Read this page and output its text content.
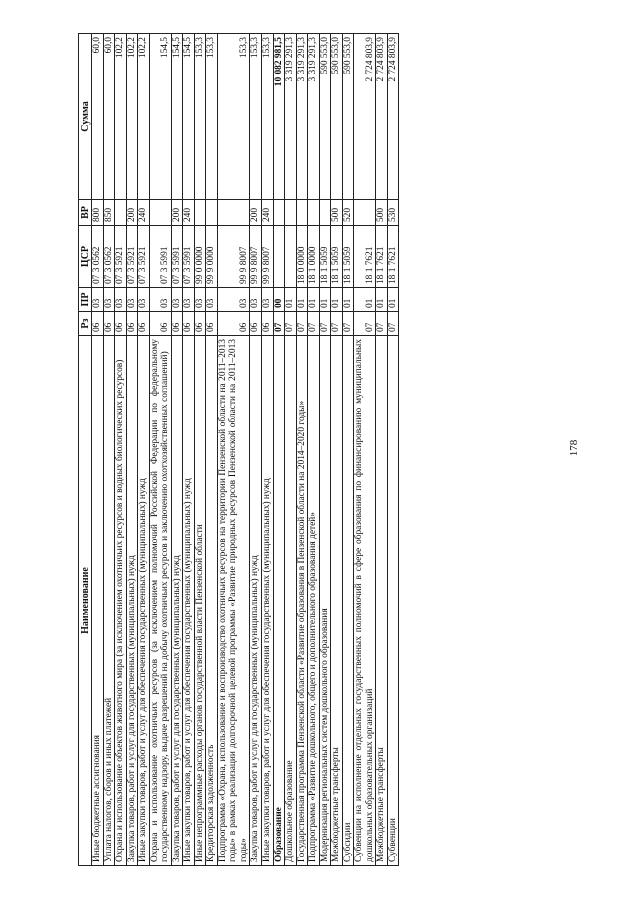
178
Наименование	Рз	ПР	ЦСР	ВР	Сумма
Иные бюджетные ассигнования	06	03	07 3 0562	800	60,0
Уплата налогов, сборов и иных платежей	06	03	07 3 0562	850	60,0
Охрана и использование объектов животного мира (за исключением охотничьих ресурсов и водных биологических ресурсов)	06	03	07 3 5921		102,2
Закупка товаров, работ и услуг для государственных (муниципальных) нужд	06	03	07 3 5921	200	102,2
Иные закупки товаров, работ и услуг для обеспечения государственных (муниципальных) нужд	06	03	07 3 5921	240	102,2
Охрана и использование охотничьих ресурсов (за исключением полномочий Российской Федерации по федеральному государственному надзору, выдаче разрешений на добычу охотничьих ресурсов и заключению охотхозяйственных соглашений)	06	03	07 3 5991		154,5
Закупка товаров, работ и услуг для государственных (муниципальных) нужд	06	03	07 3 5991	200	154,5
Иные закупки товаров, работ и услуг для обеспечения государственных (муниципальных) нужд	06	03	07 3 5991	240	154,5
Иные непрограммные расходы органов государственной власти Пензенской области	06	03	99 0 0000		153,3
Кредиторская задолженность	06	03	99 9 0000		153,3
Подпрограмма «Охрана, использование и воспроизводство охотничьих ресурсов на территории Пензенской области на 2011–2013 годы» в рамках реализации долгосрочной целевой программы «Развитие природных ресурсов Пензенской области на 2011–2013 годы»	06	03	99 9 8007		153,3
Закупка товаров, работ и услуг для государственных (муниципальных) нужд	06	03	99 9 8007	200	153,3
Иные закупки товаров, работ и услуг для обеспечения государственных (муниципальных) нужд	06	03	99 9 8007	240	153,3
Образование	07	00			10 082 981,5
Дошкольное образование	07	01			3 319 291,3
Государственная программа Пензенской области «Развитие образования в Пензенской области на 2014–2020 годы»	07	01	18 0 0000		3 319 291,3
Подпрограмма «Развитие дошкольного, общего и дополнительного образования детей»	07	01	18 1 0000		3 319 291,3
Модернизация региональных систем дошкольного образования	07	01	18 1 5059		590 553,0
Межбюджетные трансферты	07	01	18 1 5059	500	590 553,0
Субсидии	07	01	18 1 5059	520	590 553,0
Субвенции на исполнение отдельных государственных полномочий в сфере образования по финансированию муниципальных дошкольных образовательных организаций	07	01	18 1 7621		2 724 803,9
Межбюджетные трансферты	07	01	18 1 7621	500	2 724 803,9
Субвенции	07	01	18 1 7621	530	2 724 803,9
